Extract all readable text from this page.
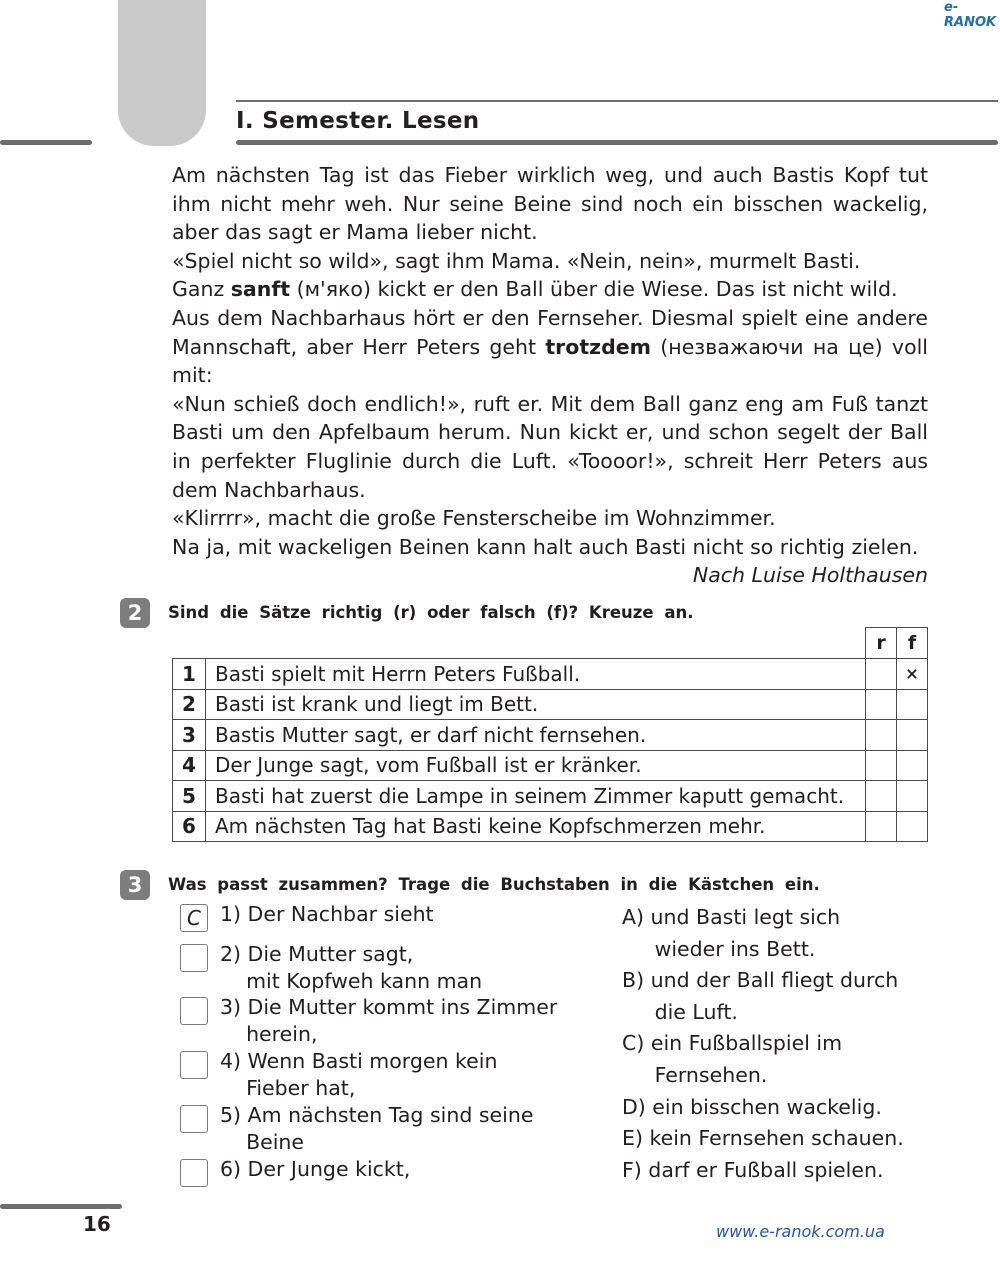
e-RANOK
I. Semester. Lesen

Am nächsten Tag ist das Fieber wirklich weg, und auch Bastis Kopf tut ihm nicht mehr weh. Nur seine Beine sind noch ein bisschen wackelig, aber das sagt er Mama lieber nicht.

«Spiel nicht so wild», sagt ihm Mama. «Nein, nein», murmelt Basti.

Ganz sanft (м'яко) kickt er den Ball über die Wiese. Das ist nicht wild.

Aus dem Nachbarhaus hört er den Fernseher. Diesmal spielt eine andere Mannschaft, aber Herr Peters geht trotzdem (незважаючи на це) voll mit:

«Nun schieß doch endlich!», ruft er. Mit dem Ball ganz eng am Fuß tanzt Basti um den Apfelbaum herum. Nun kickt er, und schon segelt der Ball in perfekter Fluglinie durch die Luft. «Toooor!», schreit Herr Peters aus dem Nachbarhaus.

«Klirrrr», macht die große Fensterscheibe im Wohnzimmer.

Na ja, mit wackeligen Beinen kann halt auch Basti nicht so richtig zielen.

Nach Luise Holthausen

2	Sind die Sätze richtig (r) oder falsch (f)? Kreuze an.
		r	f
1	Basti spielt mit Herrn Peters Fußball.		×
2	Basti ist krank und liegt im Bett.		
3	Bastis Mutter sagt, er darf nicht fernsehen.		
4	Der Junge sagt, vom Fußball ist er kränker.		
5	Basti hat zuerst die Lampe in seinem Zimmer kaputt gemacht.		
6	Am nächsten Tag hat Basti keine Kopfschmerzen mehr.		
3	Was passt zusammen? Trage die Buchstaben in die Kästchen ein.
C 1) Der Nachbar sieht
2) Die Mutter sagt,
mit Kopfweh kann man
3) Die Mutter kommt ins Zimmer
herein,
4) Wenn Basti morgen kein
Fieber hat,
5) Am nächsten Tag sind seine
Beine
6) Der Junge kickt,
A) und Basti legt sich
wieder ins Bett.
B) und der Ball fliegt durch
die Luft.
C) ein Fußballspiel im
Fernsehen.
D) ein bisschen wackelig.
E) kein Fernsehen schauen.
F) darf er Fußball spielen.
16	www.e-ranok.com.ua
